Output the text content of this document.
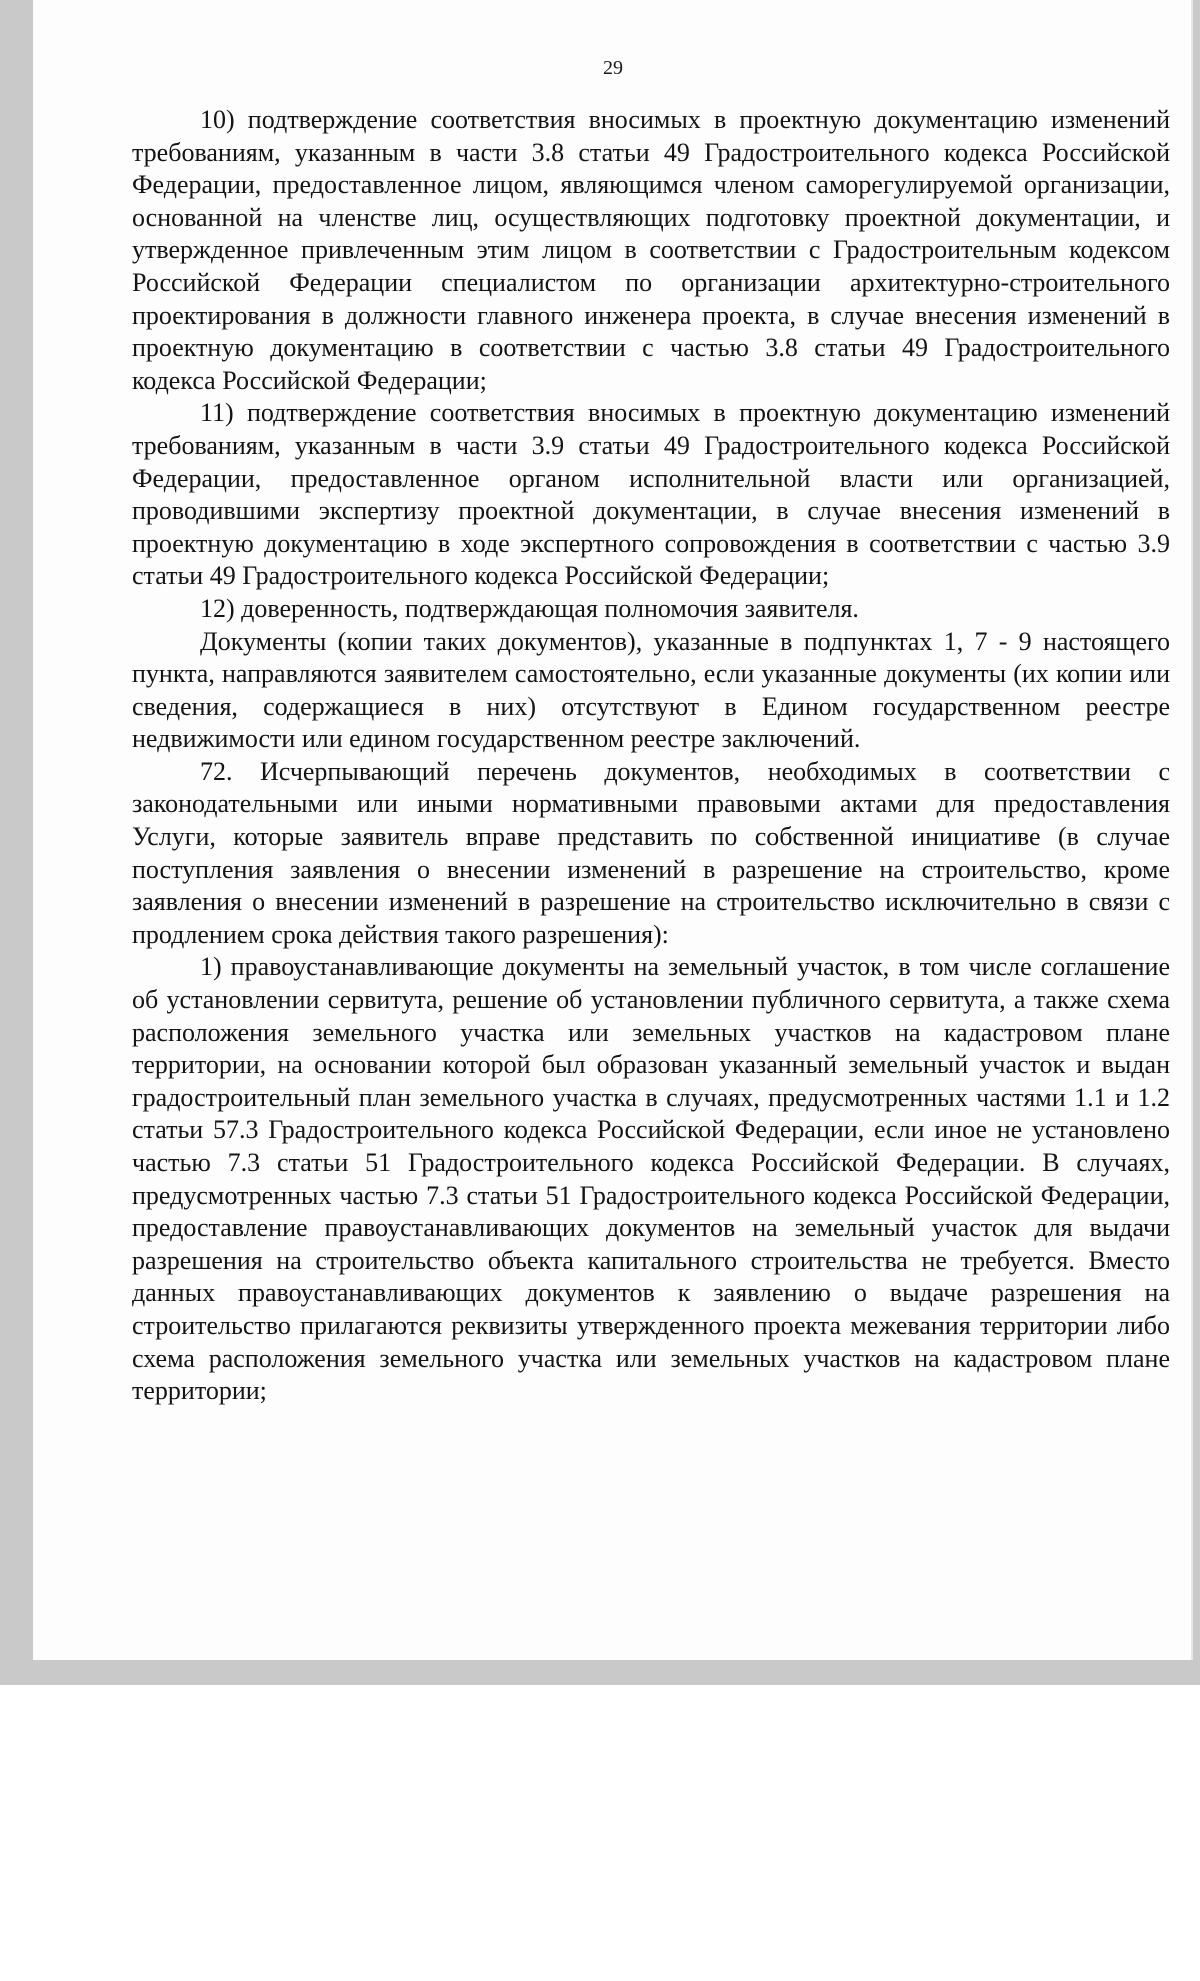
29

10) подтверждение соответствия вносимых в проектную документацию изменений требованиям, указанным в части 3.8 статьи 49 Градостроительного кодекса Российской Федерации, предоставленное лицом, являющимся членом саморегулируемой организации, основанной на членстве лиц, осуществляющих подготовку проектной документации, и утвержденное привлеченным этим лицом в соответствии с Градостроительным кодексом Российской Федерации специалистом по организации архитектурно-строительного проектирования в должности главного инженера проекта, в случае внесения изменений в проектную документацию в соответствии с частью 3.8 статьи 49 Градостроительного кодекса Российской Федерации;

11) подтверждение соответствия вносимых в проектную документацию изменений требованиям, указанным в части 3.9 статьи 49 Градостроительного кодекса Российской Федерации, предоставленное органом исполнительной власти или организацией, проводившими экспертизу проектной документации, в случае внесения изменений в проектную документацию в ходе экспертного сопровождения в соответствии с частью 3.9 статьи 49 Градостроительного кодекса Российской Федерации;

12) доверенность, подтверждающая полномочия заявителя.

Документы (копии таких документов), указанные в подпунктах 1, 7 - 9 настоящего пункта, направляются заявителем самостоятельно, если указанные документы (их копии или сведения, содержащиеся в них) отсутствуют в Едином государственном реестре недвижимости или едином государственном реестре заключений.

72. Исчерпывающий перечень документов, необходимых в соответствии с законодательными или иными нормативными правовыми актами для предоставления Услуги, которые заявитель вправе представить по собственной инициативе (в случае поступления заявления о внесении изменений в разрешение на строительство, кроме заявления о внесении изменений в разрешение на строительство исключительно в связи с продлением срока действия такого разрешения):

1) правоустанавливающие документы на земельный участок, в том числе соглашение об установлении сервитута, решение об установлении публичного сервитута, а также схема расположения земельного участка или земельных участков на кадастровом плане территории, на основании которой был образован указанный земельный участок и выдан градостроительный план земельного участка в случаях, предусмотренных частями 1.1 и 1.2 статьи 57.3 Градостроительного кодекса Российской Федерации, если иное не установлено частью 7.3 статьи 51 Градостроительного кодекса Российской Федерации. В случаях, предусмотренных частью 7.3 статьи 51 Градостроительного кодекса Российской Федерации, предоставление правоустанавливающих документов на земельный участок для выдачи разрешения на строительство объекта капитального строительства не требуется. Вместо данных правоустанавливающих документов к заявлению о выдаче разрешения на строительство прилагаются реквизиты утвержденного проекта межевания территории либо схема расположения земельного участка или земельных участков на кадастровом плане территории;
